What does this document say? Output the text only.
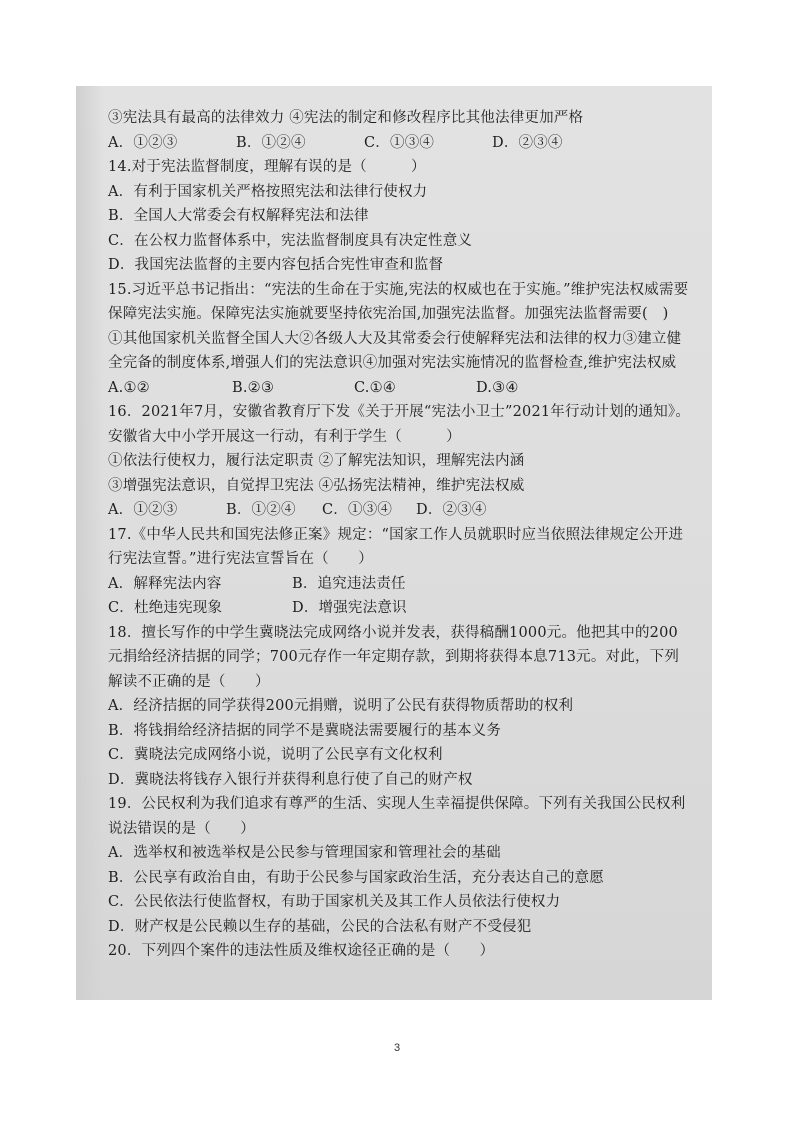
③宪法具有最高的法律效力 ④宪法的制定和修改程序比其他法律更加严格
A．①②③	B．①②④	C．①③④	D．②③④
14.对于宪法监督制度，理解有误的是（　　　）
A．有利于国家机关严格按照宪法和法律行使权力
B．全国人大常委会有权解释宪法和法律
C．在公权力监督体系中，宪法监督制度具有决定性意义
D．我国宪法监督的主要内容包括合宪性审查和监督
15.习近平总书记指出：“宪法的生命在于实施,宪法的权威也在于实施。”维护宪法权威需要
保障宪法实施。保障宪法实施就要坚持依宪治国,加强宪法监督。加强宪法监督需要(　)
①其他国家机关监督全国人大②各级人大及其常委会行使解释宪法和法律的权力③建立健
全完备的制度体系,增强人们的宪法意识④加强对宪法实施情况的监督检查,维护宪法权威
A.①②	B.②③	C.①④	D.③④
16．2021年7月，安徽省教育厅下发《关于开展“宪法小卫士”2021年行动计划的通知》。
安徽省大中小学开展这一行动，有利于学生（　　　）
①依法行使权力，履行法定职责 ②了解宪法知识，理解宪法内涵
③增强宪法意识，自觉捍卫宪法 ④弘扬宪法精神，维护宪法权威
A．①②③	B．①②④	C．①③④	D．②③④
17.《中华人民共和国宪法修正案》规定：“国家工作人员就职时应当依照法律规定公开进
行宪法宣誓。”进行宪法宣誓旨在（　　）
A．解释宪法内容	B．追究违法责任
C．杜绝违宪现象	D．增强宪法意识
18．擅长写作的中学生冀晓法完成网络小说并发表，获得稿酬1000元。他把其中的200
元捐给经济拮据的同学；700元存作一年定期存款，到期将获得本息713元。对此，下列
解读不正确的是（　　）
A．经济拮据的同学获得200元捐赠，说明了公民有获得物质帮助的权利
B．将钱捐给经济拮据的同学不是冀晓法需要履行的基本义务
C．冀晓法完成网络小说，说明了公民享有文化权利
D．冀晓法将钱存入银行并获得利息行使了自己的财产权
19．公民权利为我们追求有尊严的生活、实现人生幸福提供保障。下列有关我国公民权利
说法错误的是（　　）
A．选举权和被选举权是公民参与管理国家和管理社会的基础
B．公民享有政治自由，有助于公民参与国家政治生活，充分表达自己的意愿
C．公民依法行使监督权，有助于国家机关及其工作人员依法行使权力
D．财产权是公民赖以生存的基础，公民的合法私有财产不受侵犯
20．下列四个案件的违法性质及维权途径正确的是（　　）
3
